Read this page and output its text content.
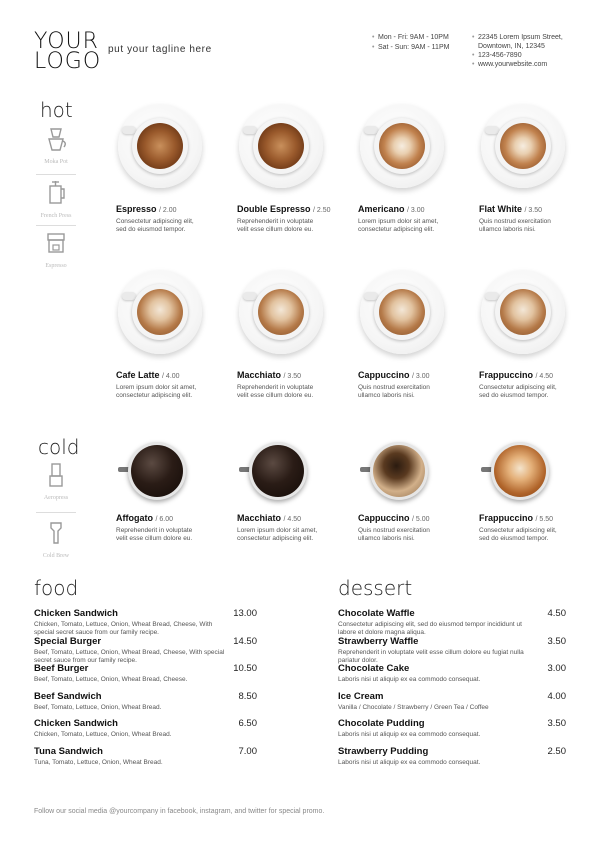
YOUR
LOGO put your tagline here
• Mon - Fri: 9AM - 10PM
• Sat - Sun: 9AM - 11PM
• 22345 Lorem Ipsum Street,
Downtown, IN, 12345
• 123-456-7890
• www.yourwebsite.com
hot
Moka Pot
French Press
Espresso
Espresso / 2.00
Consectetur adipiscing elit, sed do eiusmod tempor.
Double Espresso / 2.50
Reprehenderit in voluptate velit esse cillum dolore eu.
Americano / 3.00
Lorem ipsum dolor sit amet, consectetur adipiscing elit.
Flat White / 3.50
Quis nostrud exercitation ullamco laboris nisi.
Cafe Latte / 4.00
Lorem ipsum dolor sit amet, consectetur adipiscing elit.
Macchiato / 3.50
Reprehenderit in voluptate velit esse cillum dolore eu.
Cappuccino / 3.00
Quis nostrud exercitation ullamco laboris nisi.
Frappuccino / 4.50
Consectetur adipiscing elit, sed do eiusmod tempor.
cold
Aeropress
Cold Brew
Affogato / 6.00
Reprehenderit in voluptate velit esse cillum dolore eu.
Macchiato / 4.50
Lorem ipsum dolor sit amet, consectetur adipiscing elit.
Cappuccino / 5.00
Quis nostrud exercitation ullamco laboris nisi.
Frappuccino / 5.50
Consectetur adipiscing elit, sed do eiusmod tempor.
food
Chicken Sandwich	13.00
Chicken, Tomato, Lettuce, Onion, Wheat Bread, Cheese, With special secret sauce from our family recipe.
Special Burger	14.50
Beef, Tomato, Lettuce, Onion, Wheat Bread, Cheese, With special secret sauce from our family recipe.
Beef Burger	10.50
Beef, Tomato, Lettuce, Onion, Wheat Bread, Cheese.
Beef Sandwich	8.50
Beef, Tomato, Lettuce, Onion, Wheat Bread.
Chicken Sandwich	6.50
Chicken, Tomato, Lettuce, Onion, Wheat Bread.
Tuna Sandwich	7.00
Tuna, Tomato, Lettuce, Onion, Wheat Bread.
dessert
Chocolate Waffle	4.50
Consectetur adipiscing elit, sed do eiusmod tempor incididunt ut labore et dolore magna aliqua.
Strawberry Waffle	3.50
Reprehenderit in voluptate velit esse cillum dolore eu fugiat nulla pariatur dolor.
Chocolate Cake	3.00
Laboris nisi ut aliquip ex ea commodo consequat.
Ice Cream	4.00
Vanilla / Chocolate / Strawberry / Green Tea / Coffee
Chocolate Pudding	3.50
Laboris nisi ut aliquip ex ea commodo consequat.
Strawberry Pudding	2.50
Laboris nisi ut aliquip ex ea commodo consequat.
Follow our social media @yourcompany in facebook, instagram, and twitter for special promo.
